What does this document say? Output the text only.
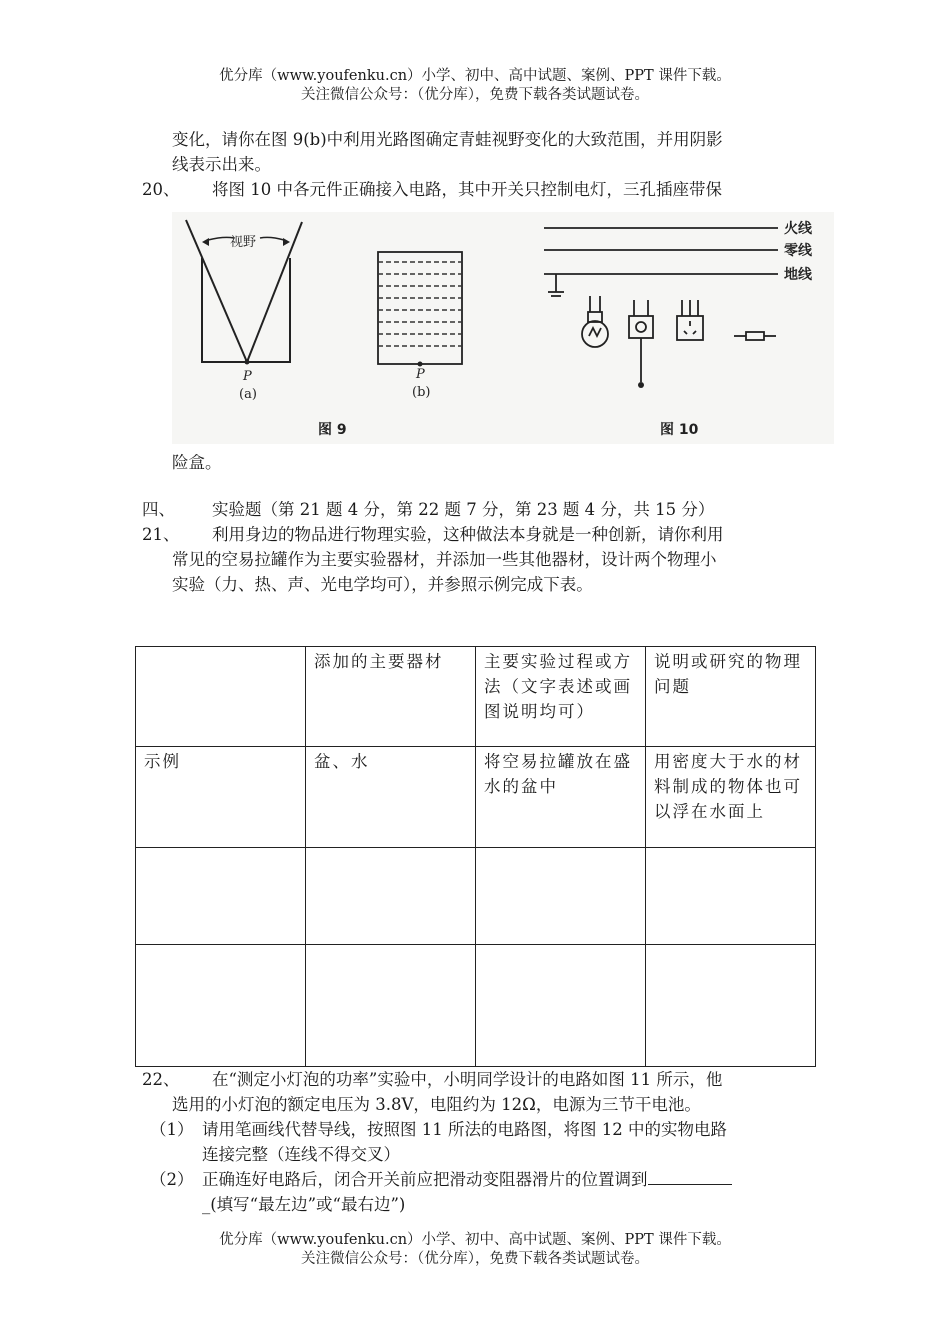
优分库（www.youfenku.cn）小学、初中、高中试题、案例、PPT 课件下载。
关注微信公众号：（优分库），免费下载各类试题试卷。
变化，请你在图 9(b)中利用光路图确定青蛙视野变化的大致范围，并用阴影
线表示出来。
20、 将图 10 中各元件正确接入电路，其中开关只控制电灯，三孔插座带保
视野
P
(a)
P
(b)
图 9
火线
零线
地线
图 10
险盒。
四、 实验题（第 21 题 4 分，第 22 题 7 分，第 23 题 4 分，共 15 分）
21、 利用身边的物品进行物理实验，这种做法本身就是一种创新，请你利用
常见的空易拉罐作为主要实验器材，并添加一些其他器材，设计两个物理小
实验（力、热、声、光电学均可），并参照示例完成下表。
	添加的主要器材	主要实验过程或方法（文字表述或画图说明均可）	说明或研究的物理问题
示例	盆、水	将空易拉罐放在盛水的盆中	用密度大于水的材料制成的物体也可以浮在水面上

22、 在“测定小灯泡的功率”实验中，小明同学设计的电路如图 11 所示，他
选用的小灯泡的额定电压为 3.8V，电阻约为 12Ω，电源为三节干电池。
（1） 请用笔画线代替导线，按照图 11 所法的电路图，将图 12 中的实物电路
连接完整（连线不得交叉）
（2） 正确连好电路后，闭合开关前应把滑动变阻器滑片的位置调到
_(填写“最左边”或“最右边”)
优分库（www.youfenku.cn）小学、初中、高中试题、案例、PPT 课件下载。
关注微信公众号：（优分库），免费下载各类试题试卷。
